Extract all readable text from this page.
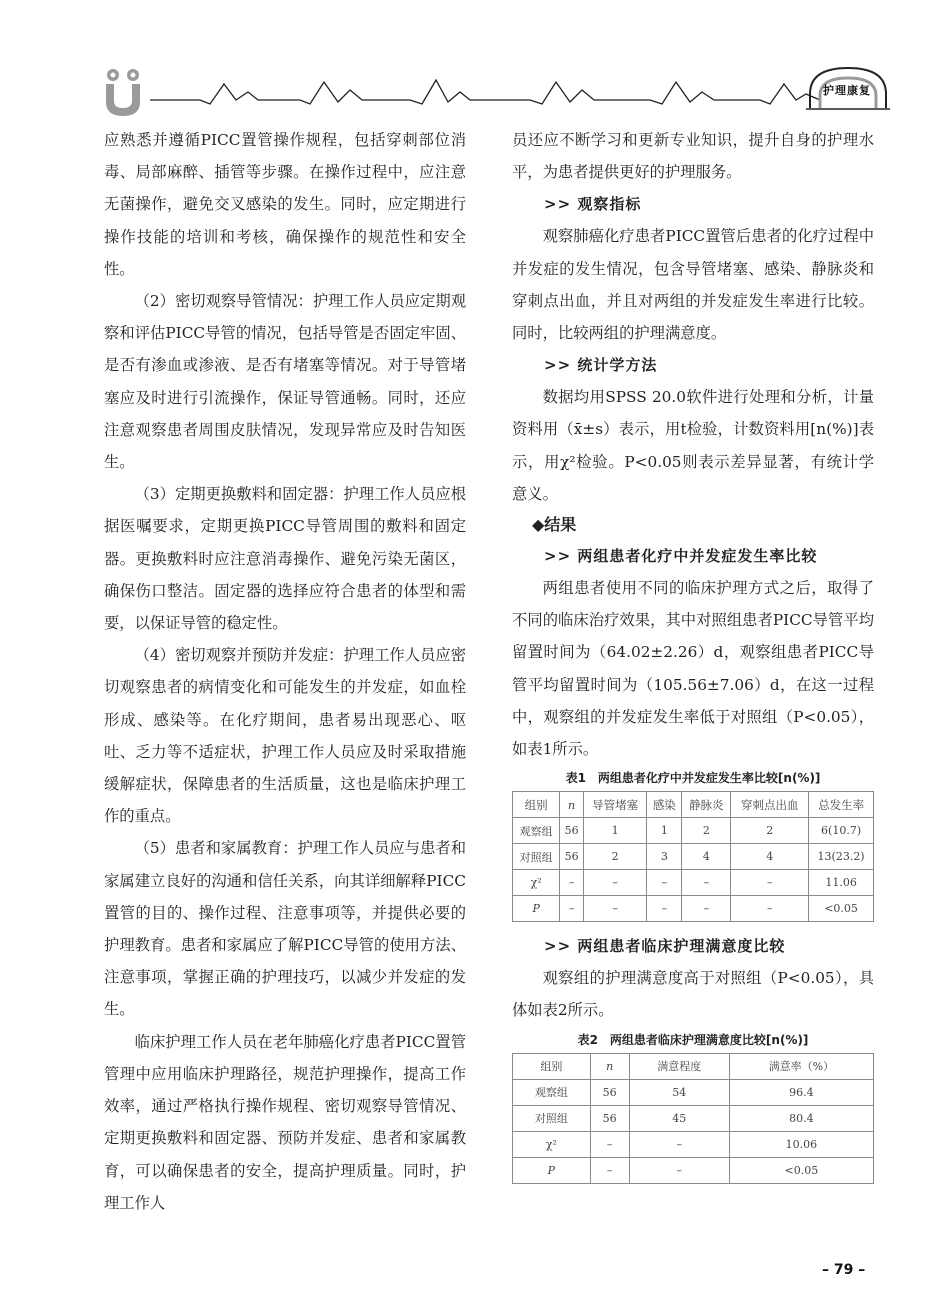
护理康复

应熟悉并遵循PICC置管操作规程，包括穿刺部位消毒、局部麻醉、插管等步骤。在操作过程中，应注意无菌操作，避免交叉感染的发生。同时，应定期进行操作技能的培训和考核，确保操作的规范性和安全性。

（2）密切观察导管情况：护理工作人员应定期观察和评估PICC导管的情况，包括导管是否固定牢固、是否有渗血或渗液、是否有堵塞等情况。对于导管堵塞应及时进行引流操作，保证导管通畅。同时，还应注意观察患者周围皮肤情况，发现异常应及时告知医生。

（3）定期更换敷料和固定器：护理工作人员应根据医嘱要求，定期更换PICC导管周围的敷料和固定器。更换敷料时应注意消毒操作、避免污染无菌区，确保伤口整洁。固定器的选择应符合患者的体型和需要，以保证导管的稳定性。

（4）密切观察并预防并发症：护理工作人员应密切观察患者的病情变化和可能发生的并发症，如血栓形成、感染等。在化疗期间，患者易出现恶心、呕吐、乏力等不适症状，护理工作人员应及时采取措施缓解症状，保障患者的生活质量，这也是临床护理工作的重点。

（5）患者和家属教育：护理工作人员应与患者和家属建立良好的沟通和信任关系，向其详细解释PICC置管的目的、操作过程、注意事项等，并提供必要的护理教育。患者和家属应了解PICC导管的使用方法、注意事项，掌握正确的护理技巧，以减少并发症的发生。

临床护理工作人员在老年肺癌化疗患者PICC置管管理中应用临床护理路径，规范护理操作，提高工作效率，通过严格执行操作规程、密切观察导管情况、定期更换敷料和固定器、预防并发症、患者和家属教育，可以确保患者的安全，提高护理质量。同时，护理工作人

员还应不断学习和更新专业知识，提升自身的护理水平，为患者提供更好的护理服务。

>> 观察指标

观察肺癌化疗患者PICC置管后患者的化疗过程中并发症的发生情况，包含导管堵塞、感染、静脉炎和穿刺点出血，并且对两组的并发症发生率进行比较。同时，比较两组的护理满意度。

>> 统计学方法

数据均用SPSS 20.0软件进行处理和分析，计量资料用（x̄±s）表示，用t检验，计数资料用[n(%)]表示，用χ²检验。P<0.05则表示差异显著，有统计学意义。

◆结果
>> 两组患者化疗中并发症发生率比较

两组患者使用不同的临床护理方式之后，取得了不同的临床治疗效果，其中对照组患者PICC导管平均留置时间为（64.02±2.26）d，观察组患者PICC导管平均留置时间为（105.56±7.06）d，在这一过程中，观察组的并发症发生率低于对照组（P<0.05），如表1所示。

表1　两组患者化疗中并发症发生率比较[n(%)]
组别	n	导管堵塞	感染	静脉炎	穿刺点出血	总发生率
观察组	56	1	1	2	2	6(10.7)
对照组	56	2	3	4	4	13(23.2)
χ²	–	–	–	–	–	11.06
P	–	–	–	–	–	<0.05
>> 两组患者临床护理满意度比较

观察组的护理满意度高于对照组（P<0.05），具体如表2所示。

表2　两组患者临床护理满意度比较[n(%)]
组别	n	满意程度	满意率（%）
观察组	56	54	96.4
对照组	56	45	80.4
χ²	–	–	10.06
P	–	–	<0.05
– 79 –
